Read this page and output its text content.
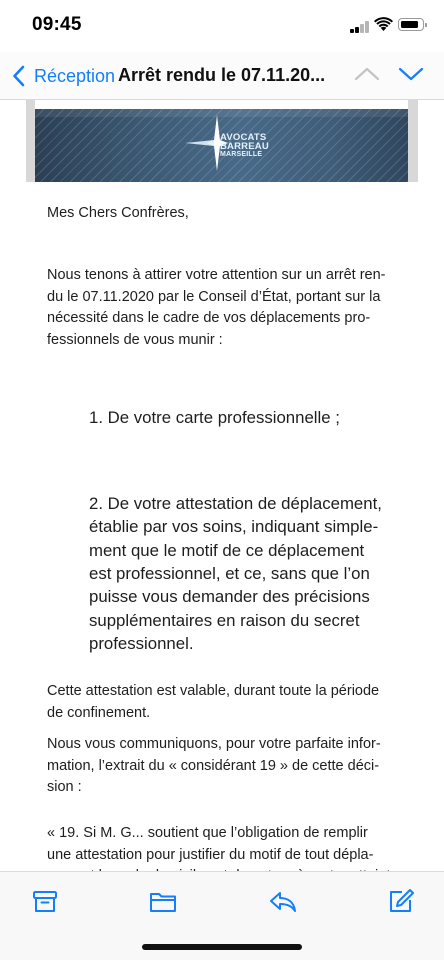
09:45
Réception Arrêt rendu le 07.11.20...
AVOCATS
BARREAU
MARSEILLE
Mes Chers Confrères,
Nous tenons à attirer votre attention sur un arrêt ren-
du le 07.11.2020 par le Conseil d’État, portant sur la
nécessité dans le cadre de vos déplacements pro-
fessionnels de vous munir :
1. De votre carte professionnelle ;
2. De votre attestation de déplacement,
établie par vos soins, indiquant simple-
ment que le motif de ce déplacement
est professionnel, et ce, sans que l’on
puisse vous demander des précisions
supplémentaires en raison du secret
professionnel.
Cette attestation est valable, durant toute la période
de confinement.
Nous vous communiquons, pour votre parfaite infor-
mation, l’extrait du « considérant 19 » de cette déci-
sion :
« 19. Si M. G... soutient que l’obligation de remplir
une attestation pour justifier du motif de tout dépla-
